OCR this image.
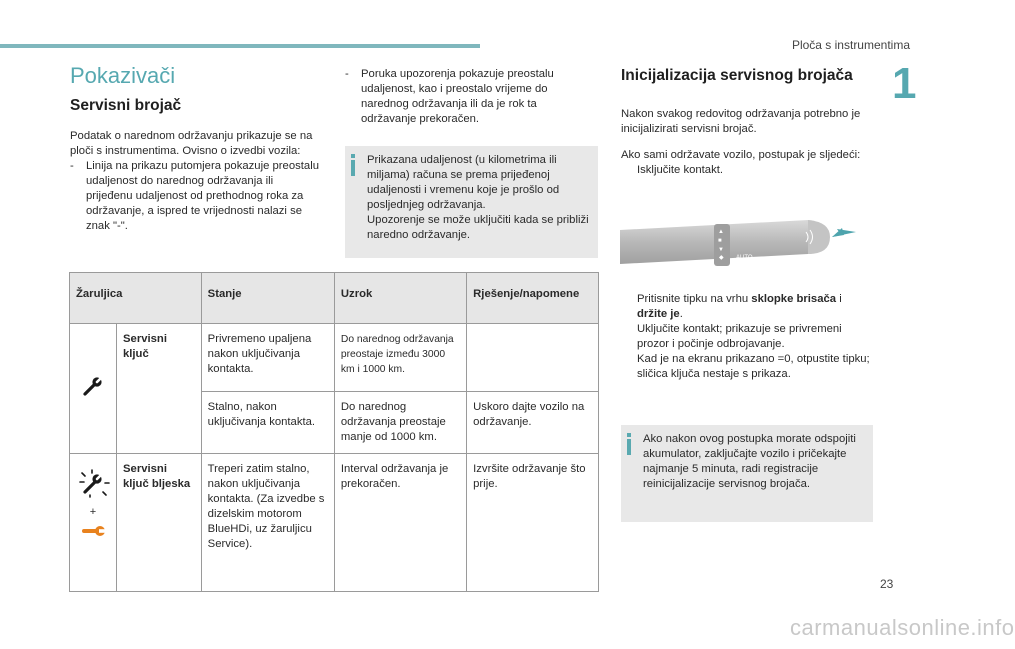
Ploča s instrumentima
1
Pokazivači
Servisni brojač
Podatak o narednom održavanju prikazuje se na ploči s instrumentima. Ovisno o izvedbi vozila:
- Linija na prikazu putomjera pokazuje preostalu udaljenost do narednog održavanja ili prijeđenu udaljenost od prethodnog roka za održavanje, a ispred te vrijednosti nalazi se znak "-".
- Poruka upozorenja pokazuje preostalu udaljenost, kao i preostalo vrijeme do narednog održavanja ili da je rok ta održavanje prekoračen.
Prikazana udaljenost (u kilometrima ili miljama) računa se prema prijeđenoj udaljenosti i vremenu koje je prošlo od posljednjeg održavanja.
Upozorenje se može uključiti kada se približi naredno održavanje.
Žaruljica		Stanje	Uzrok	Rješenje/napomene
	Servisni ključ	Privremeno upaljena nakon uključivanja kontakta.	Do narednog održavanja preostaje između 3000 km i 1000 km.	
		Stalno, nakon uključivanja kontakta.	Do narednog održavanja preostaje manje od 1000 km.	Uskoro dajte vozilo na održavanje.

+	Servisni ključ bljeska	Treperi zatim stalno, nakon uključivanja kontakta. (Za izvedbe s dizelskim motorom BlueHDi, uz žaruljicu Service).	Interval održavanja je prekoračen.	Izvršite održavanje što prije.
Inicijalizacija servisnog brojača
Nakon svakog redovitog održavanja potrebno je inicijalizirati servisni brojač.
Ako sami održavate vozilo, postupak je sljedeći:
Isključite kontakt.
▲
■
▼
◆ AUTO
Pritisnite tipku na vrhu sklopke brisača i držite je.
Uključite kontakt; prikazuje se privremeni prozor i počinje odbrojavanje.
Kad je na ekranu prikazano =0, otpustite tipku; sličica ključa nestaje s prikaza.
Ako nakon ovog postupka morate odspojiti akumulator, zaključajte vozilo i pričekajte najmanje 5 minuta, radi registracije reinicijalizacije servisnog brojača.
23
carmanualsonline.info
